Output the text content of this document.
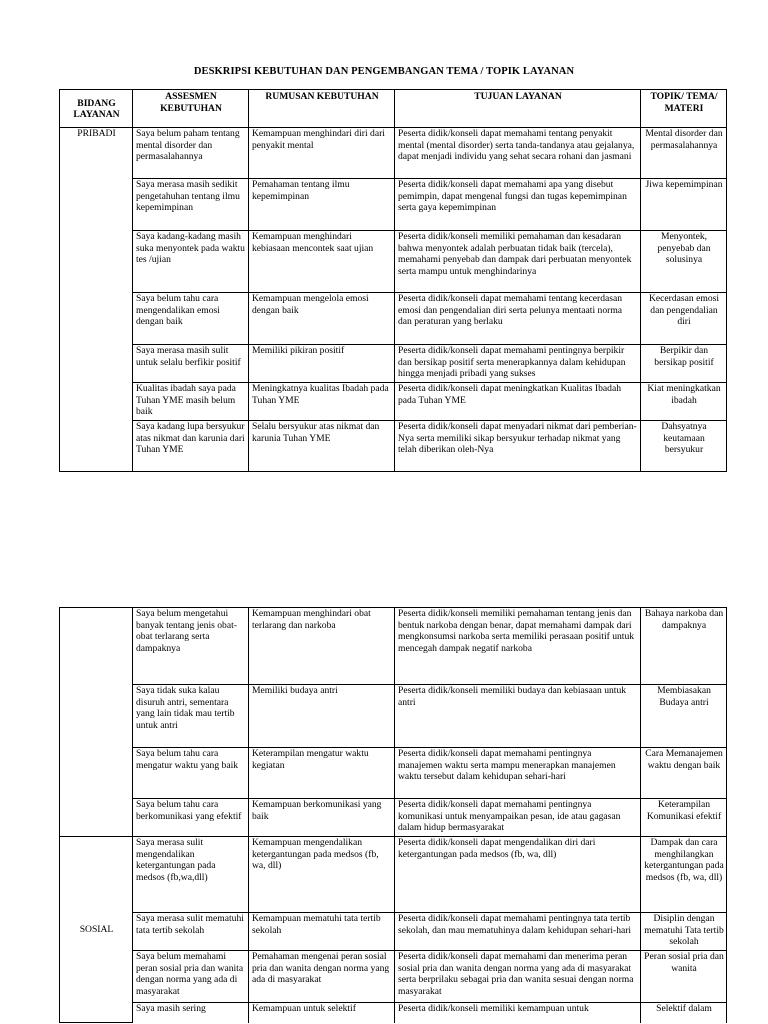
DESKRIPSI KEBUTUHAN DAN PENGEMBANGAN TEMA / TOPIK LAYANAN
BIDANG LAYANAN	ASSESMEN KEBUTUHAN	RUMUSAN KEBUTUHAN	TUJUAN LAYANAN	TOPIK/ TEMA/ MATERI
PRIBADI	Saya belum paham tentang mental disorder dan permasalahannya	Kemampuan menghindari diri dari penyakit mental	Peserta didik/konseli dapat memahami tentang penyakit mental (mental disorder) serta tanda-tandanya atau gejalanya, dapat menjadi individu yang sehat secara rohani dan jasmani	Mental disorder dan permasalahannya
	Saya merasa masih sedikit pengetahuhan tentang ilmu kepemimpinan	Pemahaman tentang ilmu kepemimpinan	Peserta didik/konseli dapat memahami apa yang disebut pemimpin, dapat mengenal fungsi dan tugas kepemimpinan serta gaya kepemimpinan	Jiwa kepemimpinan
	Saya kadang-kadang masih suka menyontek pada waktu tes /ujian	Kemampuan menghindari kebiasaan mencontek saat ujian	Peserta didik/konseli memiliki pemahaman dan kesadaran bahwa menyontek adalah perbuatan tidak baik (tercela), memahami penyebab dan dampak dari perbuatan menyontek serta mampu untuk menghindarinya	Menyontek, penyebab dan solusinya
	Saya belum tahu cara mengendalikan emosi dengan baik	Kemampuan mengelola emosi dengan baik	Peserta didik/konseli dapat memahami tentang kecerdasan emosi dan pengendalian diri serta pelunya mentaati norma dan peraturan yang berlaku	Kecerdasan emosi dan pengendalian diri
	Saya merasa masih sulit untuk selalu berfikir positif	Memiliki pikiran positif	Peserta didik/konseli dapat memahami pentingnya berpikir dan bersikap positif serta menerapkannya dalam kehidupan hingga menjadi pribadi yang sukses	Berpikir dan bersikap positif
	Kualitas ibadah saya pada Tuhan YME masih belum baik	Meningkatnya kualitas Ibadah pada Tuhan YME	Peserta didik/konseli dapat meningkatkan Kualitas Ibadah pada Tuhan YME	Kiat meningkatkan ibadah
	Saya kadang lupa bersyukur atas nikmat dan karunia dari Tuhan YME	Selalu bersyukur atas nikmat dan karunia Tuhan YME	Peserta didik/konseli dapat menyadari nikmat dari pemberian-Nya serta memiliki sikap bersyukur terhadap nikmat yang telah diberikan oleh-Nya	Dahsyatnya keutamaan bersyukur
	Saya belum mengetahui banyak tentang jenis obat-obat terlarang serta dampaknya	Kemampuan menghindari obat terlarang dan narkoba	Peserta didik/konseli memiliki pemahaman tentang jenis dan bentuk narkoba dengan benar, dapat memahami dampak dari mengkonsumsi narkoba serta memiliki perasaan positif untuk mencegah dampak negatif narkoba	Bahaya narkoba dan dampaknya
	Saya tidak suka kalau disuruh antri, sementara yang lain tidak mau tertib untuk antri	Memiliki budaya antri	Peserta didik/konseli memiliki budaya dan kebiasaan untuk antri	Membiasakan Budaya antri
	Saya belum tahu cara mengatur waktu yang baik	Keterampilan mengatur waktu kegiatan	Peserta didik/konseli dapat memahami pentingnya manajemen waktu serta mampu menerapkan manajemen waktu tersebut dalam kehidupan sehari-hari	Cara Memanajemen waktu dengan baik
	Saya belum tahu cara berkomunikasi yang efektif	Kemampuan berkomunikasi yang baik	Peserta didik/konseli dapat memahami pentingnya komunikasi untuk menyampaikan pesan, ide atau gagasan dalam hidup bermasyarakat	Keterampilan Komunikasi efektif
SOSIAL	Saya merasa sulit mengendalikan ketergantungan pada medsos (fb,wa,dll)	Kemampuan mengendalikan ketergantungan pada medsos (fb, wa, dll)	Peserta didik/konseli dapat mengendalikan diri dari ketergantungan pada medsos (fb, wa, dll)	Dampak dan cara menghilangkan ketergantungan pada medsos (fb, wa, dll)
	Saya merasa sulit mematuhi tata tertib sekolah	Kemampuan mematuhi tata tertib sekolah	Peserta didik/konseli dapat memahami pentingnya tata tertib sekolah, dan mau mematuhinya dalam kehidupan sehari-hari	Disiplin dengan mematuhi Tata tertib sekolah
	Saya belum memahami peran sosial pria dan wanita dengan norma yang ada di masyarakat	Pemahaman mengenai peran sosial pria dan wanita dengan norma yang ada di masyarakat	Peserta didik/konseli dapat memahami dan menerima peran sosial pria dan wanita dengan norma yang ada di masyarakat serta berprilaku sebagai pria dan wanita sesuai dengan norma masyarakat	Peran sosial pria dan wanita
	Saya masih sering	Kemampuan untuk selektif	Peserta didik/konseli memiliki kemampuan untuk	Selektif dalam
